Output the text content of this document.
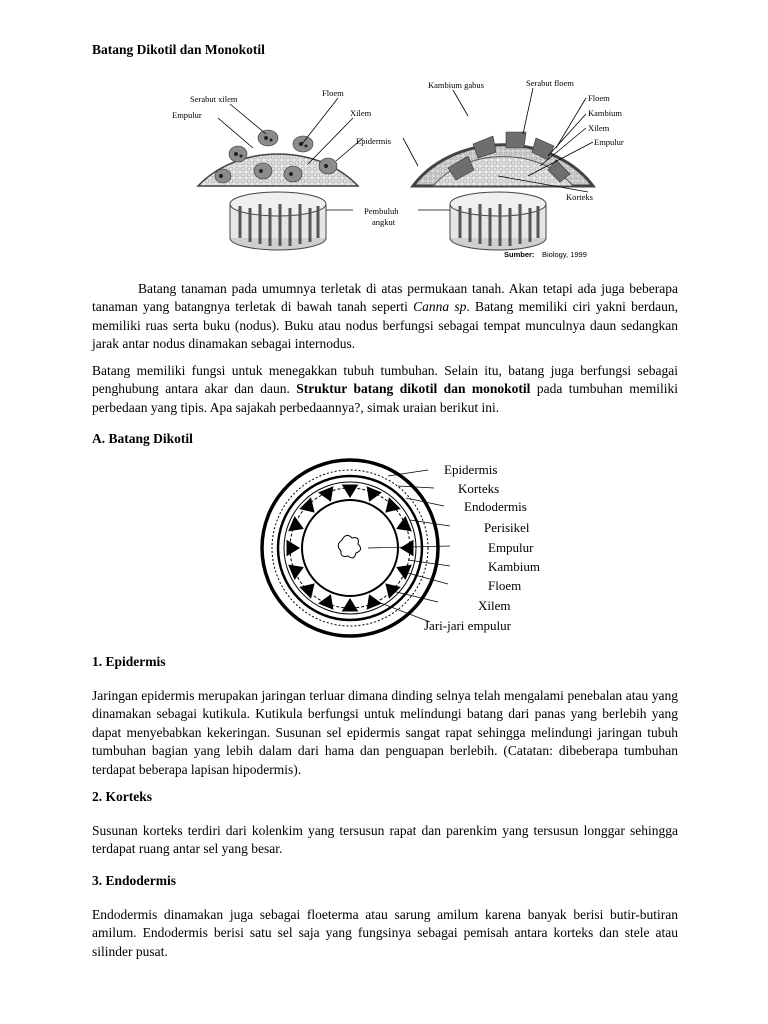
Batang Dikotil dan Monokotil
Serabut xilem
Floem
Empulur	Xilem
Epidermis
Kambium gabus	Serabut floem
Floem
Kambium
Xilem
Empulur
Korteks
Pembuluh
angkut
Sumber: Biology, 1999

Batang tanaman pada umumnya terletak di atas permukaan tanah. Akan tetapi ada juga beberapa tanaman yang batangnya terletak di bawah tanah seperti Canna sp. Batang memiliki ciri yakni berdaun, memiliki ruas serta buku (nodus). Buku atau nodus berfungsi sebagai tempat munculnya daun sedangkan jarak antar nodus dinamakan sebagai internodus.

Batang memiliki fungsi untuk menegakkan tubuh tumbuhan. Selain itu, batang juga berfungsi sebagai penghubung antara akar dan daun. Struktur batang dikotil dan monokotil pada tumbuhan memiliki perbedaan yang tipis. Apa sajakah perbedaannya?, simak uraian berikut ini.

A. Batang Dikotil
Epidermis
Korteks
Endodermis
Perisikel
Empulur
Kambium
Floem
Xilem
Jari-jari empulur
1. Epidermis

Jaringan epidermis merupakan jaringan terluar dimana dinding selnya telah mengalami penebalan atau yang dinamakan sebagai kutikula. Kutikula berfungsi untuk melindungi batang dari panas yang berlebih yang dapat menyebabkan kekeringan. Susunan sel epidermis sangat rapat sehingga melindungi jaringan tubuh tumbuhan bagian yang lebih dalam dari hama dan penguapan berlebih. (Catatan: dibeberapa tumbuhan terdapat beberapa lapisan hipodermis).

2. Korteks

Susunan korteks terdiri dari kolenkim yang tersusun rapat dan parenkim yang tersusun longgar sehingga terdapat ruang antar sel yang besar.

3. Endodermis

Endodermis dinamakan juga sebagai floeterma atau sarung amilum karena banyak berisi butir-butiran amilum. Endodermis berisi satu sel saja yang fungsinya sebagai pemisah antara korteks dan stele atau silinder pusat.
